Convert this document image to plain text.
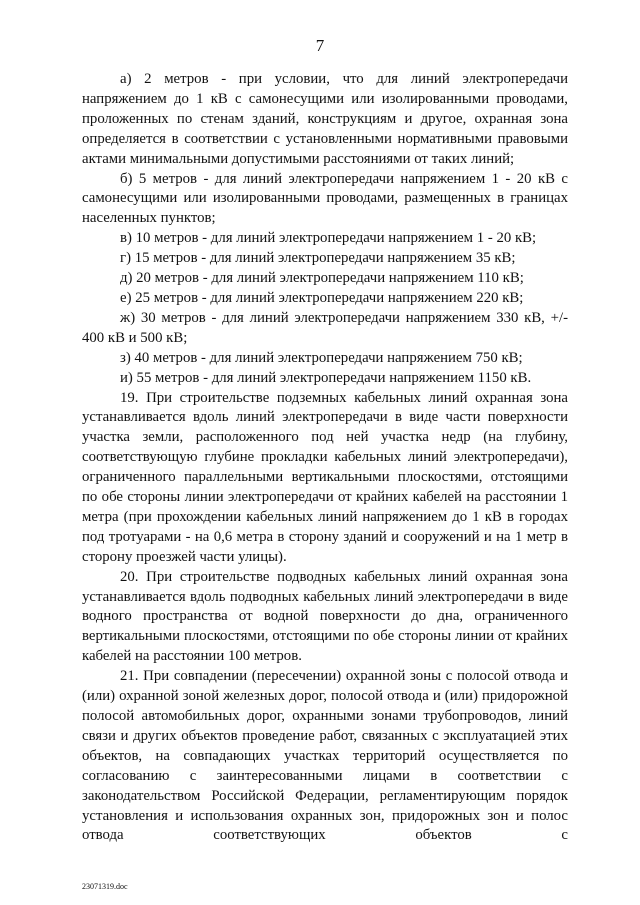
7

а) 2 метров - при условии, что для линий электропередачи напряжением до 1 кВ с самонесущими или изолированными проводами, проложенных по стенам зданий, конструкциям и другое, охранная зона определяется в соответствии с установленными нормативными правовыми актами минимальными допустимыми расстояниями от таких линий;

б) 5 метров - для линий электропередачи напряжением 1 - 20 кВ с самонесущими или изолированными проводами, размещенных в границах населенных пунктов;

в) 10 метров - для линий электропередачи напряжением 1 - 20 кВ;

г) 15 метров - для линий электропередачи напряжением 35 кВ;

д) 20 метров - для линий электропередачи напряжением 110 кВ;

е) 25 метров - для линий электропередачи напряжением 220 кВ;

ж) 30 метров - для линий электропередачи напряжением 330 кВ, +/- 400 кВ и 500 кВ;

з) 40 метров - для линий электропередачи напряжением 750 кВ;

и) 55 метров - для линий электропередачи напряжением 1150 кВ.

19. При строительстве подземных кабельных линий охранная зона устанавливается вдоль линий электропередачи в виде части поверхности участка земли, расположенного под ней участка недр (на глубину, соответствующую глубине прокладки кабельных линий электропередачи), ограниченного параллельными вертикальными плоскостями, отстоящими по обе стороны линии электропередачи от крайних кабелей на расстоянии 1 метра (при прохождении кабельных линий напряжением до 1 кВ в городах под тротуарами - на 0,6 метра в сторону зданий и сооружений и на 1 метр в сторону проезжей части улицы).

20. При строительстве подводных кабельных линий охранная зона устанавливается вдоль подводных кабельных линий электропередачи в виде водного пространства от водной поверхности до дна, ограниченного вертикальными плоскостями, отстоящими по обе стороны линии от крайних кабелей на расстоянии 100 метров.

21. При совпадении (пересечении) охранной зоны с полосой отвода и (или) охранной зоной железных дорог, полосой отвода и (или) придорожной полосой автомобильных дорог, охранными зонами трубопроводов, линий связи и других объектов проведение работ, связанных с эксплуатацией этих объектов, на совпадающих участках территорий осуществляется по согласованию с заинтересованными лицами в соответствии с законодательством Российской Федерации, регламентирующим порядок установления и использования охранных зон, придорожных зон и полос отвода соответствующих объектов с

23071319.doc
